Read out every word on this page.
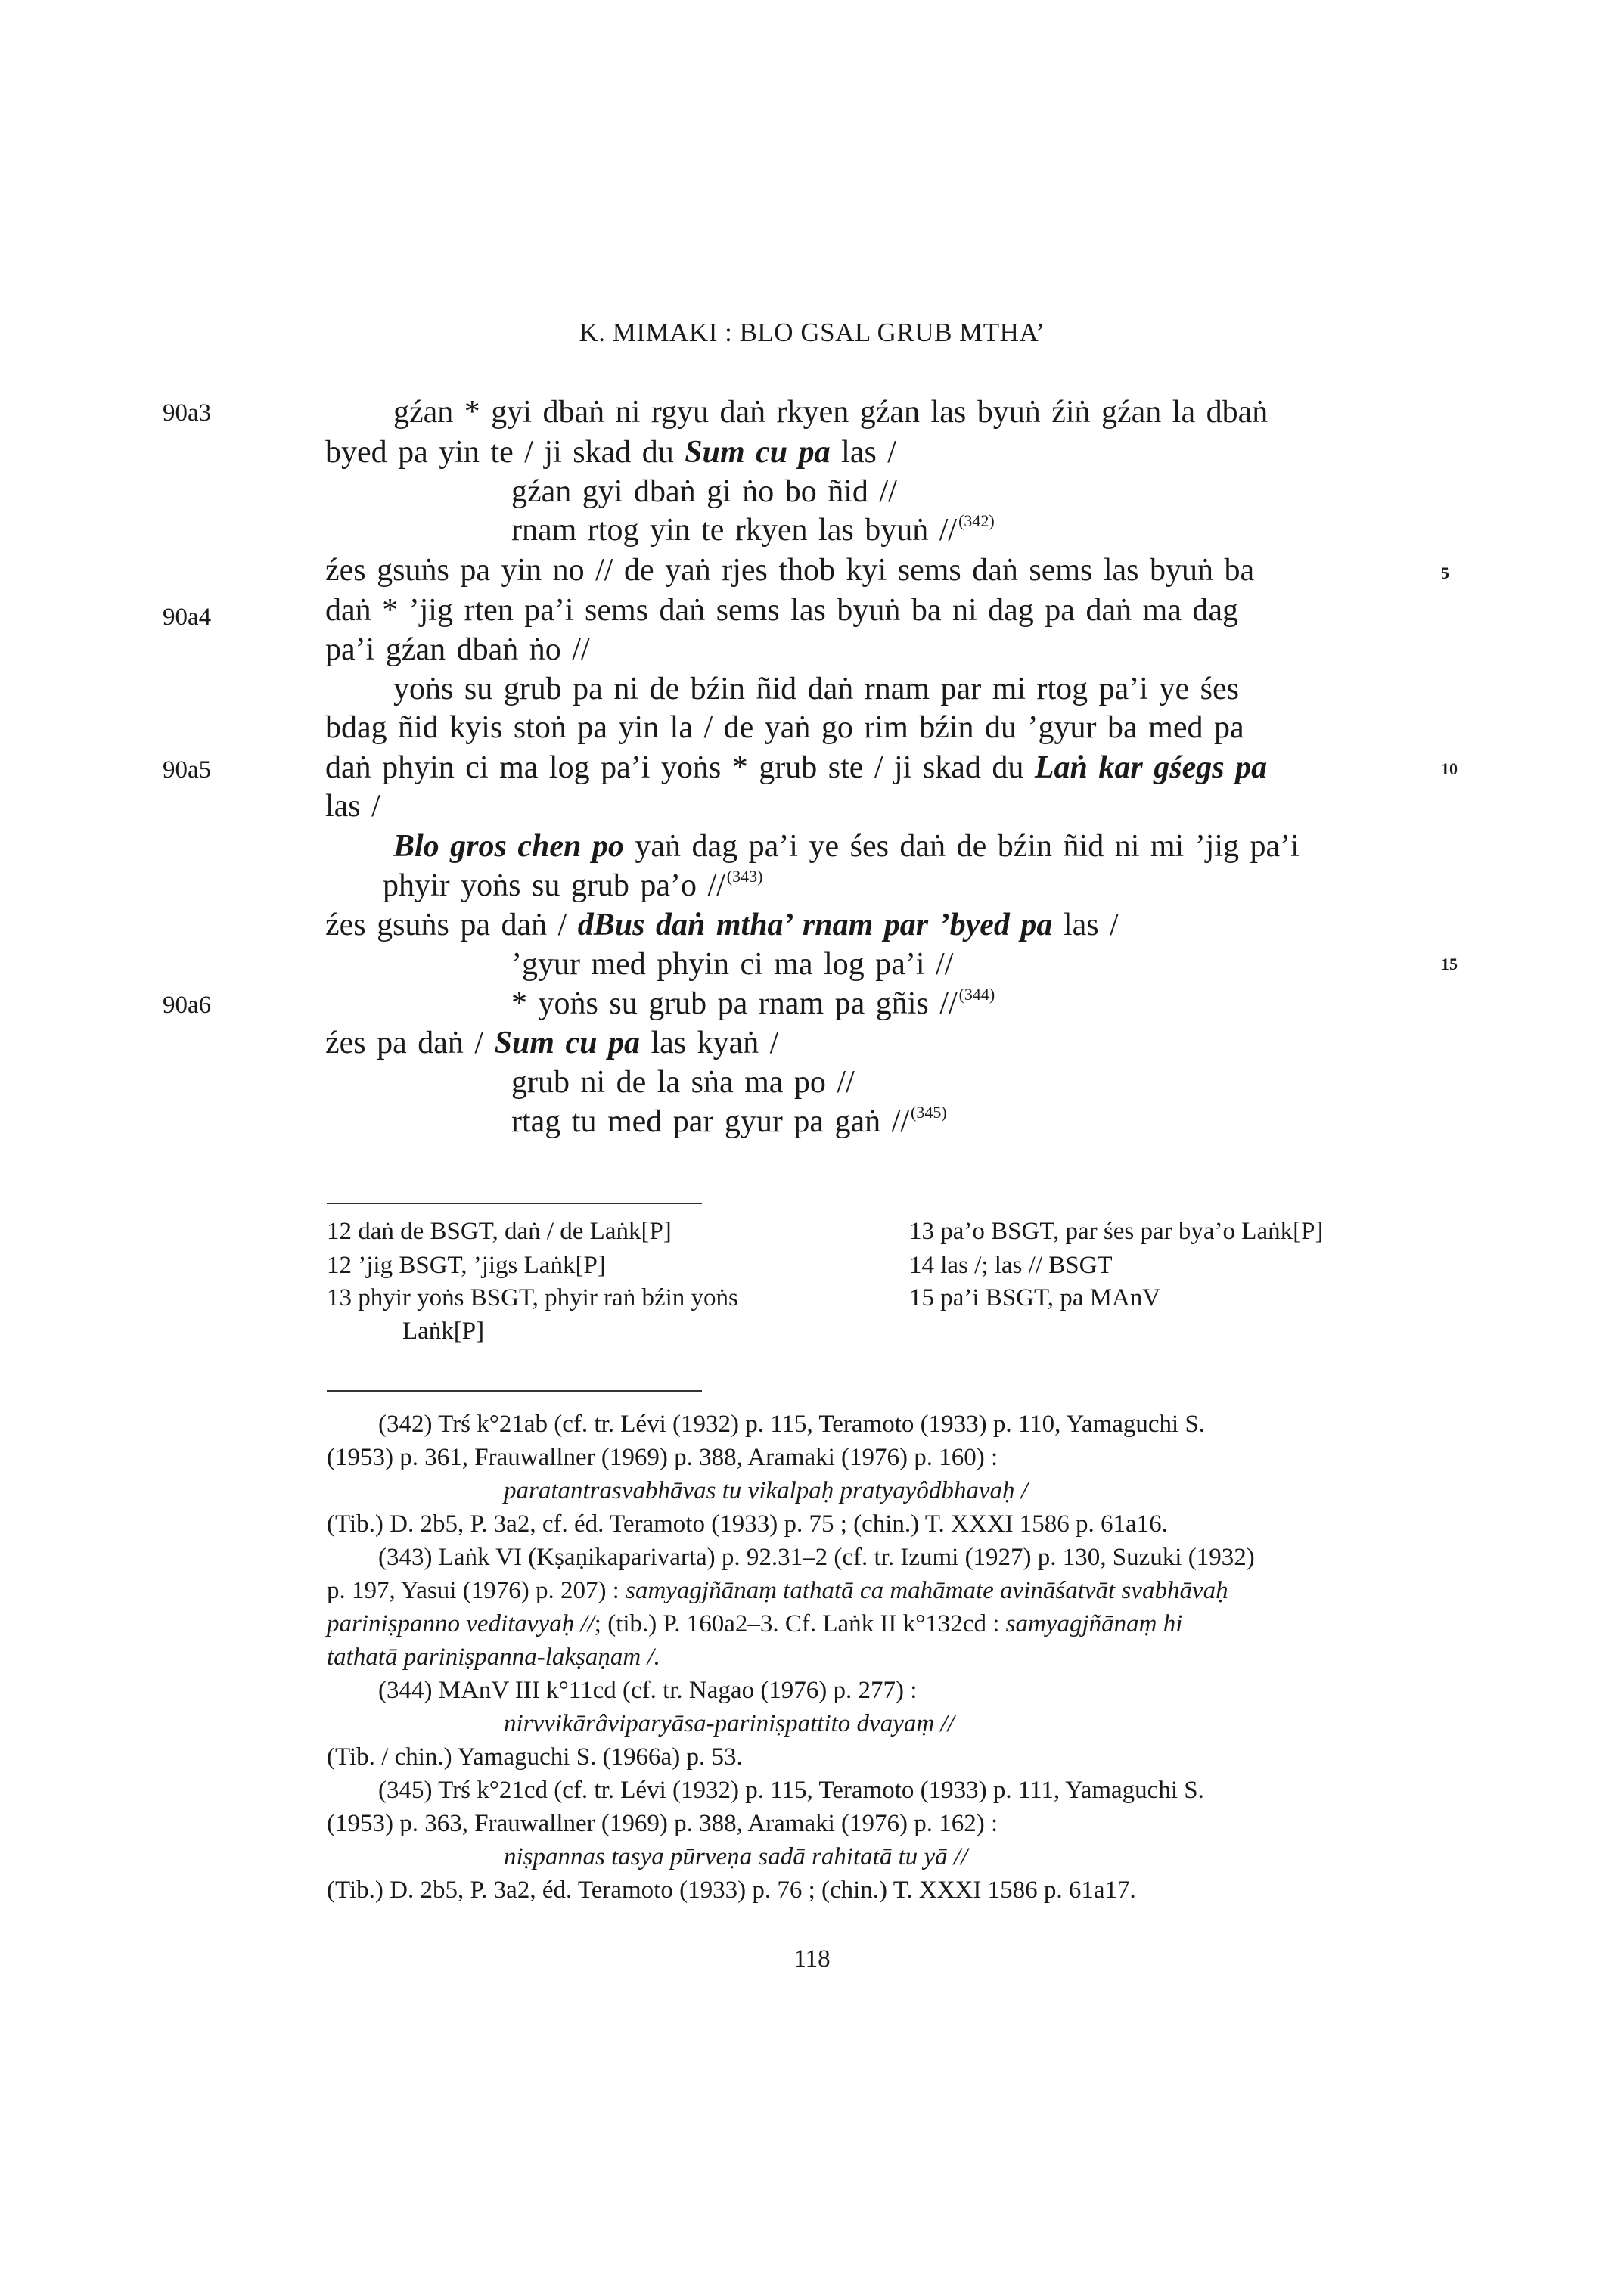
K. MIMAKI : BLO GSAL GRUB MTHA’
90a3
90a4
90a5
90a6
5
10
15
gźan * gyi dbaṅ ni rgyu daṅ rkyen gźan las byuṅ źiṅ gźan la dbaṅ
byed pa yin te / ji skad du Sum cu pa las /
gźan gyi dbaṅ gi ṅo bo ñid //
rnam rtog yin te rkyen las byuṅ //$^{(342)}$
źes gsuṅs pa yin no // de yaṅ rjes thob kyi sems daṅ sems las byuṅ ba
daṅ * ’jig rten pa’i sems daṅ sems las byuṅ ba ni dag pa daṅ ma dag
pa’i gźan dbaṅ ṅo //
yoṅs su grub pa ni de bźin ñid daṅ rnam par mi rtog pa’i ye śes
bdag ñid kyis stoṅ pa yin la / de yaṅ go rim bźin du ’gyur ba med pa
daṅ phyin ci ma log pa’i yoṅs * grub ste / ji skad du Laṅ kar gśegs pa
las /
Blo gros chen po yaṅ dag pa’i ye śes daṅ de bźin ñid ni mi ’jig pa’i
phyir yoṅs su grub pa’o //$^{(343)}$
źes gsuṅs pa daṅ / dBus daṅ mtha’ rnam par ’byed pa las /
’gyur med phyin ci ma log pa’i //
* yoṅs su grub pa rnam pa gñis //$^{(344)}$
źes pa daṅ / Sum cu pa las kyaṅ /
grub ni de la sṅa ma po //
rtag tu med par gyur pa gaṅ //$^{(345)}$
12 daṅ de BSGT, daṅ / de Laṅk[P]
12 ’jig BSGT, ’jigs Laṅk[P]
13 phyir yoṅs BSGT, phyir raṅ bźin yoṅs
Laṅk[P]
13 pa’o BSGT, par śes par bya’o Laṅk[P]
14 las /; las // BSGT
15 pa’i BSGT, pa MAnV
(342) Trś k°21ab (cf. tr. Lévi (1932) p. 115, Teramoto (1933) p. 110, Yamaguchi S.
(1953) p. 361, Frauwallner (1969) p. 388, Aramaki (1976) p. 160) :
paratantrasvabhāvas tu vikalpaḥ pratyayôdbhavaḥ /
(Tib.) D. 2b5, P. 3a2, cf. éd. Teramoto (1933) p. 75 ; (chin.) T. XXXI 1586 p. 61a16.
(343) Laṅk VI (Kṣaṇikaparivarta) p. 92.31–2 (cf. tr. Izumi (1927) p. 130, Suzuki (1932)
p. 197, Yasui (1976) p. 207) : samyagjñānaṃ tathatā ca mahāmate avināśatvāt svabhāvaḥ
pariniṣpanno veditavyaḥ //; (tib.) P. 160a2–3. Cf. Laṅk II k°132cd : samyagjñānaṃ hi
tathatā pariniṣpanna-lakṣaṇam /.
(344) MAnV III k°11cd (cf. tr. Nagao (1976) p. 277) :
nirvvikārâviparyāsa-pariniṣpattito dvayaṃ //
(Tib. / chin.) Yamaguchi S. (1966a) p. 53.
(345) Trś k°21cd (cf. tr. Lévi (1932) p. 115, Teramoto (1933) p. 111, Yamaguchi S.
(1953) p. 363, Frauwallner (1969) p. 388, Aramaki (1976) p. 162) :
niṣpannas tasya pūrveṇa sadā rahitatā tu yā //
(Tib.) D. 2b5, P. 3a2, éd. Teramoto (1933) p. 76 ; (chin.) T. XXXI 1586 p. 61a17.
118
